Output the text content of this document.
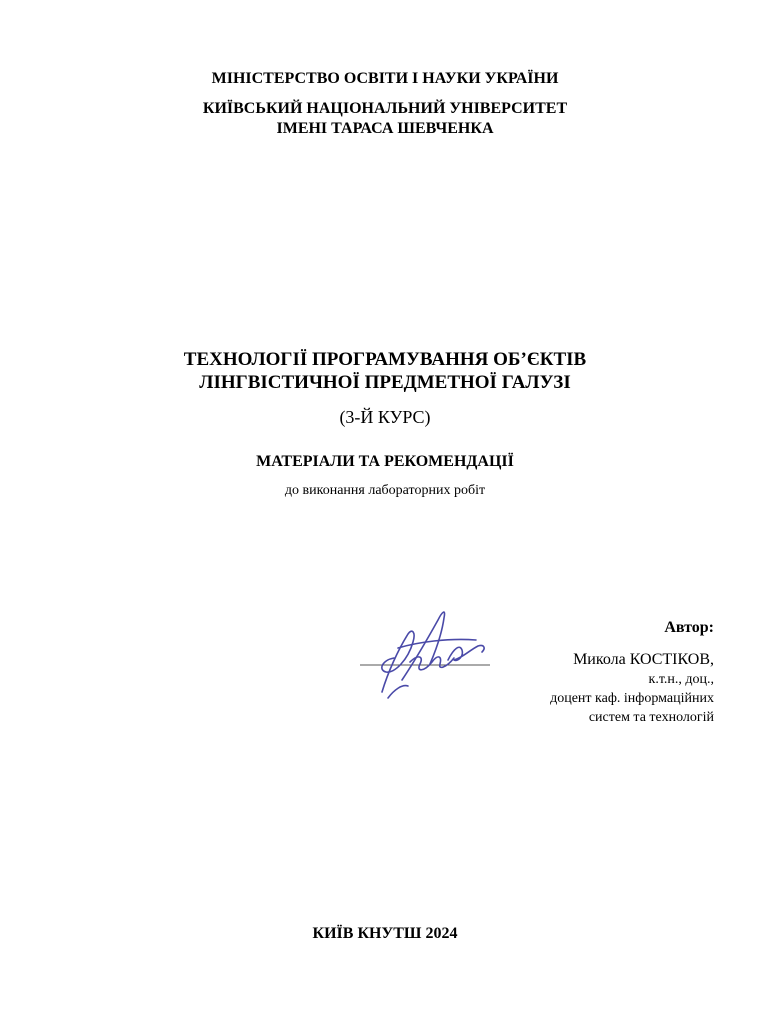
МІНІСТЕРСТВО ОСВІТИ І НАУКИ УКРАЇНИ

КИЇВСЬКИЙ НАЦІОНАЛЬНИЙ УНІВЕРСИТЕТ
ІМЕНІ ТАРАСА ШЕВЧЕНКА
ТЕХНОЛОГІЇ ПРОГРАМУВАННЯ ОБ’ЄКТІВ
ЛІНГВІСТИЧНОЇ ПРЕДМЕТНОЇ ГАЛУЗІ

(3-Й КУРС)

МАТЕРІАЛИ ТА РЕКОМЕНДАЦІЇ

до виконання лабораторних робіт

Автор:

Микола КОСТІКОВ,

к.т.н., доц.,

доцент каф. інформаційних

систем та технологій

КИЇВ КНУТШ 2024
